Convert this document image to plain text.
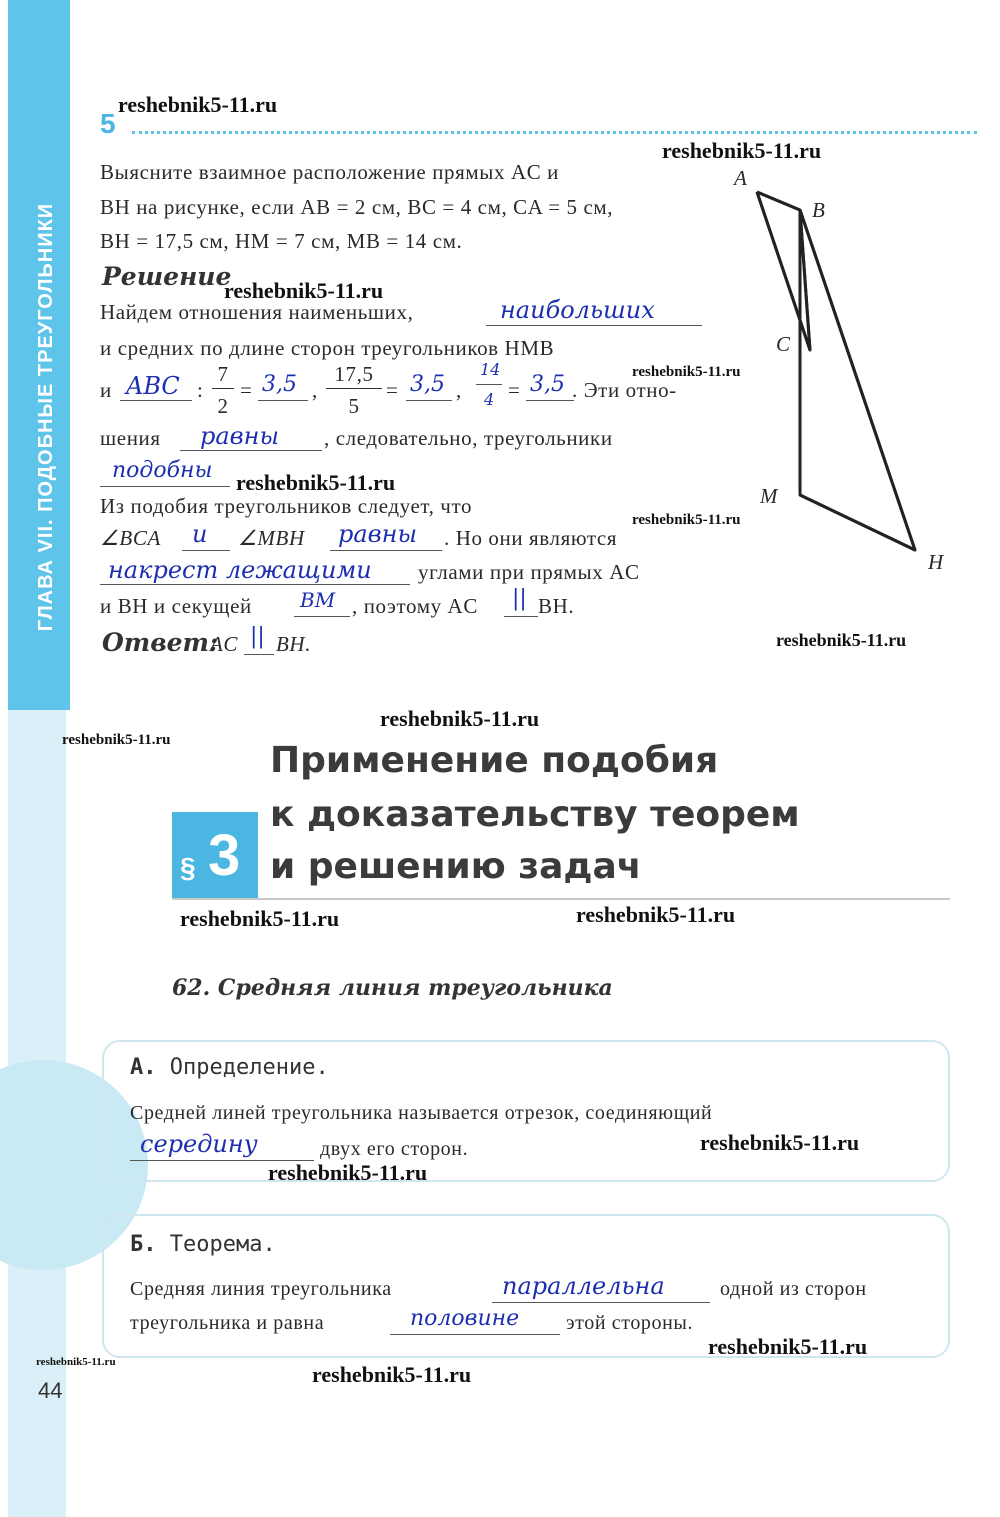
ГЛАВА VII. ПОДОБНЫЕ ТРЕУГОЛЬНИКИ
5
Выясните взаимное расположение прямых AC и
BH на рисунке, если AB = 2 см, BC = 4 см, CA = 5 см,
BH = 17,5 см, HM = 7 см, MB = 14 см.
Решение
Найдем отношения наименьших,	наибольших
и средних по длине сторон треугольников HMB
и ABC :
7
2
= 3,5 ,
17,5
5
= 3,5 ,
14
4 = 3,5 . Эти отно-
шения равны , следовательно, треугольники
подобны
Из подобия треугольников следует, что
∠BCA и ∠MBH равны . Но они являются
накрест лежащими углами при прямых AC
и BH и секущей BM , поэтому AC || BH.
Ответ:
AC || BH.
A
B
C
M
H
Применение подобия
к доказательству теорем
и решению задач
§ 3
62. Средняя линия треугольника
А. Определение.
Средней линей треугольника называется отрезок, соединяющий
середину	двух его сторон.
Б. Теорема.
Средняя линия треугольника	параллельна	одной из сторон
треугольника и равна	половине этой стороны.
44
reshebnik5-11.ru
reshebnik5-11.ru
reshebnik5-11.ru
reshebnik5-11.ru
reshebnik5-11.ru
reshebnik5-11.ru
reshebnik5-11.ru
reshebnik5-11.ru
reshebnik5-11.ru
reshebnik5-11.ru	reshebnik5-11.ru
reshebnik5-11.ru
reshebnik5-11.ru
reshebnik5-11.ru
reshebnik5-11.ru	reshebnik5-11.ru
